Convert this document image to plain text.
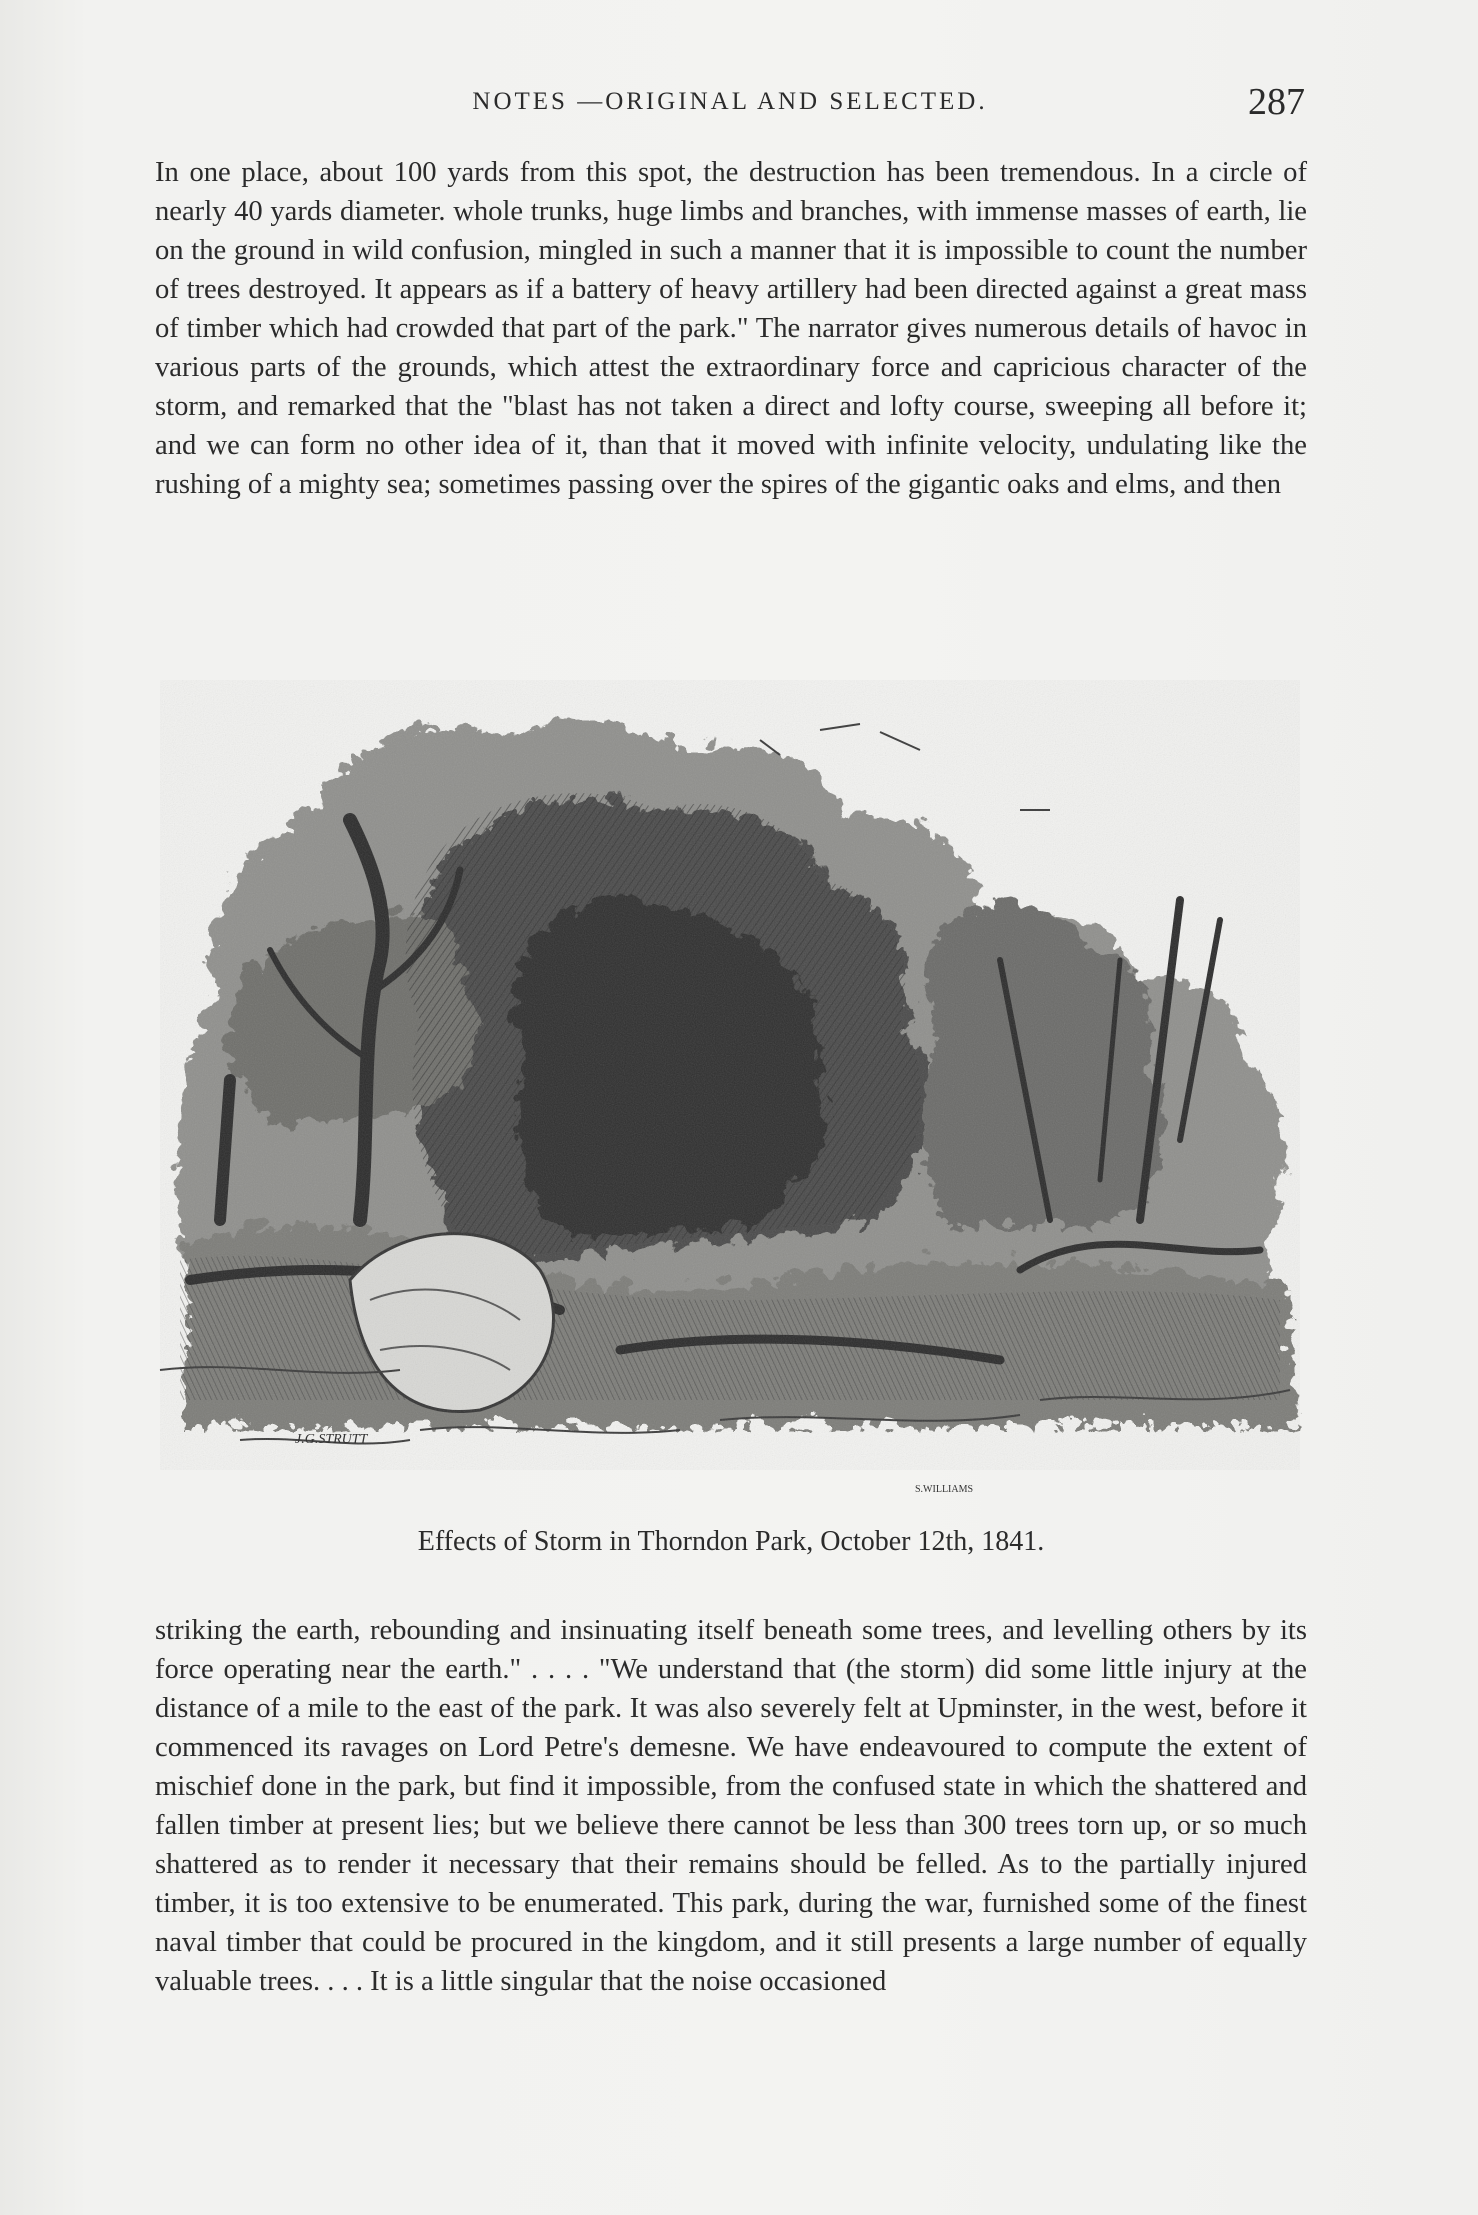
NOTES —ORIGINAL AND SELECTED.	287

In one place, about 100 yards from this spot, the destruction has been tremendous. In a circle of nearly 40 yards diameter. whole trunks, huge limbs and branches, with immense masses of earth, lie on the ground in wild confusion, mingled in such a manner that it is impossible to count the number of trees destroyed. It appears as if a battery of heavy artillery had been directed against a great mass of timber which had crowded that part of the park." The narrator gives numerous details of havoc in various parts of the grounds, which attest the extraordinary force and capricious character of the storm, and remarked that the "blast has not taken a direct and lofty course, sweeping all before it; and we can form no other idea of it, than that it moved with infinite velocity, undulating like the rushing of a mighty sea; sometimes passing over the spires of the gigantic oaks and elms, and then

J.G.STRUTT
S.WILLIAMS
Effects of Storm in Thorndon Park, October 12th, 1841.

striking the earth, rebounding and insinuating itself beneath some trees, and levelling others by its force operating near the earth." . . . . "We understand that (the storm) did some little injury at the distance of a mile to the east of the park. It was also severely felt at Upminster, in the west, before it commenced its ravages on Lord Petre's demesne. We have endeavoured to compute the extent of mischief done in the park, but find it impossible, from the confused state in which the shattered and fallen timber at present lies; but we believe there cannot be less than 300 trees torn up, or so much shattered as to render it necessary that their remains should be felled. As to the partially injured timber, it is too extensive to be enumerated. This park, during the war, furnished some of the finest naval timber that could be procured in the kingdom, and it still presents a large number of equally valuable trees. . . . It is a little singular that the noise occasioned
